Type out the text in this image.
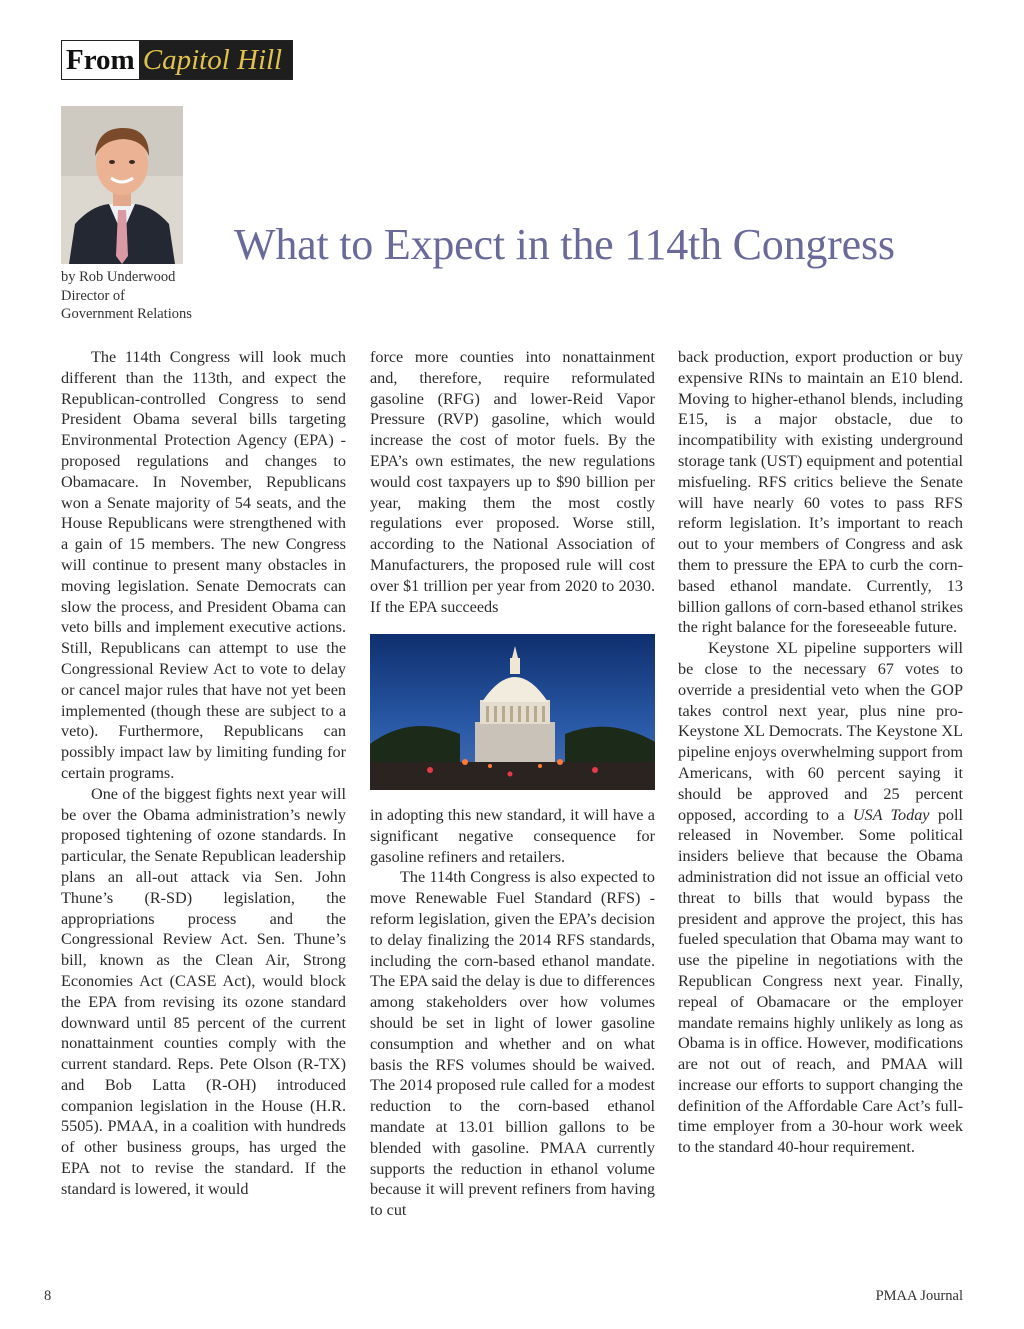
From Capitol Hill
by Rob Underwood
Director of
Government Relations
What to Expect in the 114th Congress

The 114th Congress will look much different than the 113th, and expect the Republican-controlled Congress to send President Obama several bills targeting Environmental Protection Agency (EPA) -proposed regulations and changes to Obamacare. In November, Republicans won a Senate majority of 54 seats, and the House Republicans were strengthened with a gain of 15 members. The new Congress will continue to present many obstacles in moving legislation. Senate Democrats can slow the process, and President Obama can veto bills and implement executive actions. Still, Republicans can attempt to use the Congressional Review Act to vote to delay or cancel major rules that have not yet been implemented (though these are subject to a veto). Furthermore, Republicans can possibly impact law by limiting funding for certain programs.

One of the biggest fights next year will be over the Obama administration’s newly proposed tightening of ozone standards. In particular, the Senate Republican leadership plans an all-out attack via Sen. John Thune’s (R-SD) legislation, the appropriations process and the Congressional Review Act. Sen. Thune’s bill, known as the Clean Air, Strong Economies Act (CASE Act), would block the EPA from revising its ozone standard downward until 85 percent of the current nonattainment counties comply with the current standard. Reps. Pete Olson (R-TX) and Bob Latta (R-OH) introduced companion legislation in the House (H.R. 5505). PMAA, in a coalition with hundreds of other business groups, has urged the EPA not to revise the standard. If the standard is lowered, it would

force more counties into nonattainment and, therefore, require reformulated gasoline (RFG) and lower-Reid Vapor Pressure (RVP) gasoline, which would increase the cost of motor fuels. By the EPA’s own estimates, the new regulations would cost taxpayers up to $90 billion per year, making them the most costly regulations ever proposed. Worse still, according to the National Association of Manufacturers, the proposed rule will cost over $1 trillion per year from 2020 to 2030. If the EPA succeeds

in adopting this new standard, it will have a significant negative consequence for gasoline refiners and retailers.

The 114th Congress is also expected to move Renewable Fuel Standard (RFS) -reform legislation, given the EPA’s decision to delay finalizing the 2014 RFS standards, including the corn-based ethanol mandate. The EPA said the delay is due to differences among stakeholders over how volumes should be set in light of lower gasoline consumption and whether and on what basis the RFS volumes should be waived. The 2014 proposed rule called for a modest reduction to the corn-based ethanol mandate at 13.01 billion gallons to be blended with gasoline. PMAA currently supports the reduction in ethanol volume because it will prevent refiners from having to cut

back production, export production or buy expensive RINs to maintain an E10 blend. Moving to higher-ethanol blends, including E15, is a major obstacle, due to incompatibility with existing underground storage tank (UST) equipment and potential misfueling. RFS critics believe the Senate will have nearly 60 votes to pass RFS reform legislation. It’s important to reach out to your members of Congress and ask them to pressure the EPA to curb the corn-based ethanol mandate. Currently, 13 billion gallons of corn-based ethanol strikes the right balance for the foreseeable future.

Keystone XL pipeline supporters will be close to the necessary 67 votes to override a presidential veto when the GOP takes control next year, plus nine pro-Keystone XL Democrats. The Keystone XL pipeline enjoys overwhelming support from Americans, with 60 percent saying it should be approved and 25 percent opposed, according to a USA Today poll released in November. Some political insiders believe that because the Obama administration did not issue an official veto threat to bills that would bypass the president and approve the project, this has fueled speculation that Obama may want to use the pipeline in negotiations with the Republican Congress next year. Finally, repeal of Obamacare or the employer mandate remains highly unlikely as long as Obama is in office. However, modifications are not out of reach, and PMAA will increase our efforts to support changing the definition of the Affordable Care Act’s full-time employer from a 30-hour work week to the standard 40-hour requirement.

8	PMAA Journal
